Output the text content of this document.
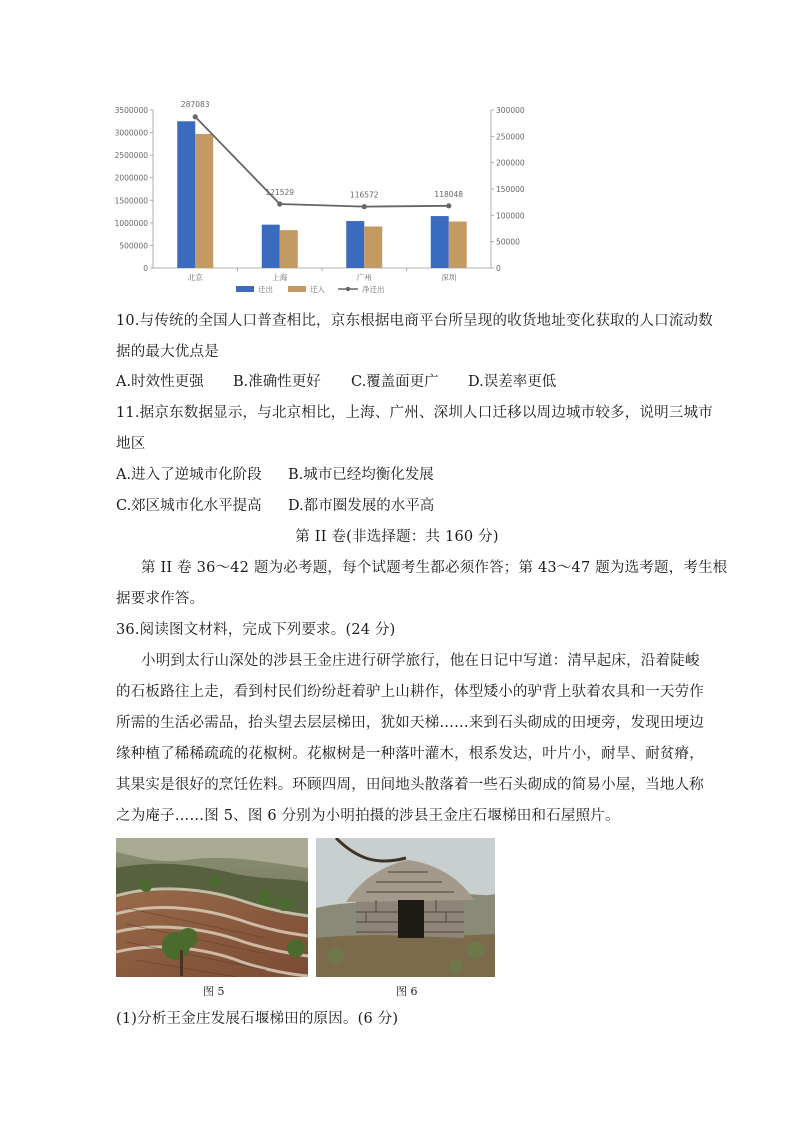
3500000
3000000
2500000
2000000
1500000
1000000
500000
0
300000
250000
200000
150000
100000
50000
0
北京	上海	广州	深圳
287083
121529	116572	118048
迁出	迁入	净迁出
10.与传统的全国人口普查相比，京东根据电商平台所呈现的收货地址变化获取的人口流动数
据的最大优点是
A.时效性更强 B.准确性更好 C.覆盖面更广 D.误差率更低
11.据京东数据显示，与北京相比，上海、广州、深圳人口迁移以周边城市较多，说明三城市
地区
A.进入了逆城市化阶段 B.城市已经均衡化发展
C.郊区城市化水平提高 D.都市圈发展的水平高
第 II 卷(非选择题：共 160 分)
第 II 卷 36～42 题为必考题，每个试题考生都必须作答；第 43～47 题为选考题，考生根
据要求作答。
36.阅读图文材料，完成下列要求。(24 分)
小明到太行山深处的涉县王金庄进行研学旅行，他在日记中写道：清早起床，沿着陡峻
的石板路往上走，看到村民们纷纷赶着驴上山耕作，体型矮小的驴背上驮着农具和一天劳作
所需的生活必需品，抬头望去层层梯田，犹如天梯……来到石头砌成的田埂旁，发现田埂边
缘种植了稀稀疏疏的花椒树。花椒树是一种落叶灌木，根系发达，叶片小，耐旱、耐贫瘠，
其果实是很好的烹饪佐料。环顾四周，田间地头散落着一些石头砌成的简易小屋，当地人称
之为庵子……图 5、图 6 分别为小明拍摄的涉县王金庄石堰梯田和石屋照片。
图 5	图 6
(1)分析王金庄发展石堰梯田的原因。(6 分)
